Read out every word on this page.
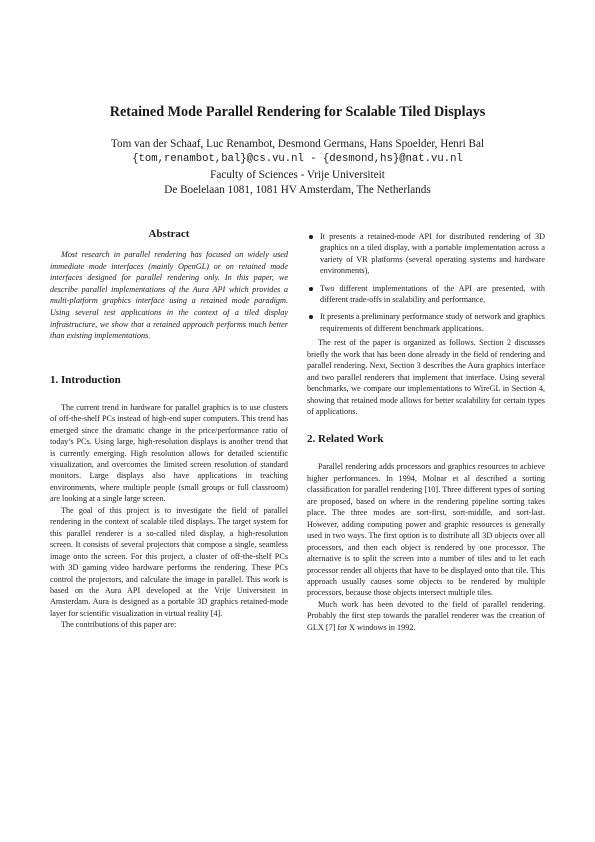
Retained Mode Parallel Rendering for Scalable Tiled Displays
Tom van der Schaaf, Luc Renambot, Desmond Germans, Hans Spoelder, Henri Bal
{tom,renambot,bal}@cs.vu.nl - {desmond,hs}@nat.vu.nl
Faculty of Sciences - Vrije Universiteit
De Boelelaan 1081, 1081 HV Amsterdam, The Netherlands
Abstract

Most research in parallel rendering has focused on widely used immediate mode interfaces (mainly OpenGL) or on retained mode interfaces designed for parallel rendering only. In this paper, we describe parallel implementations of the Aura API which provides a multi-platform graphics interface using a retained mode paradigm. Using several test applications in the context of a tiled display infrastructure, we show that a retained approach performs much better than existing implementations.

1. Introduction

The current trend in hardware for parallel graphics is to use clusters of off-the-shelf PCs instead of high-end super computers. This trend has emerged since the dramatic change in the price/performance ratio of today’s PCs. Using large, high-resolution displays is another trend that is currently emerging. High resolution allows for detailed scientific visualization, and overcomes the limited screen resolution of standard monitors. Large displays also have applications in teaching environments, where multiple people (small groups or full classroom) are looking at a single large screen.

The goal of this project is to investigate the field of parallel rendering in the context of scalable tiled displays. The target system for this parallel renderer is a so-called tiled display, a high-resolution screen. It consists of several projectors that compose a single, seamless image onto the screen. For this project, a cluster of off-the-shelf PCs with 3D gaming video hardware performs the rendering. These PCs control the projectors, and calculate the image in parallel. This work is based on the Aura API developed at the Vrije Universiteit in Amsterdam. Aura is designed as a portable 3D graphics retained-mode layer for scientific visualization in virtual reality [4].

The contributions of this paper are:

It presents a retained-mode API for distributed rendering of 3D graphics on a tiled display, with a portable implementation across a variety of VR platforms (several operating systems and hardware environments),
Two different implementations of the API are presented, with different trade-offs in scalability and performance,
It presents a preliminary performance study of network and graphics requirements of different benchmark applications.

The rest of the paper is organized as follows. Section 2 discusses briefly the work that has been done already in the field of rendering and parallel rendering. Next, Section 3 describes the Aura graphics interface and two parallel renderers that implement that interface. Using several benchmarks, we compare our implementations to WireGL in Section 4, showing that retained mode allows for better scalability for certain types of applications.

2. Related Work

Parallel rendering adds processors and graphics resources to achieve higher performances. In 1994, Molnar et al described a sorting classification for parallel rendering [10]. Three different types of sorting are proposed, based on where in the rendering pipeline sorting takes place. The three modes are sort-first, sort-middle, and sort-last. However, adding computing power and graphic resources is generally used in two ways. The first option is to distribute all 3D objects over all processors, and then each object is rendered by one processor. The alternative is to split the screen into a number of tiles and to let each processor render all objects that have to be displayed onto that tile. This approach usually causes some objects to be rendered by multiple processors, because those objects intersect multiple tiles.

Much work has been devoted to the field of parallel rendering. Probably the first step towards the parallel renderer was the creation of GLX [7] for X windows in 1992.
